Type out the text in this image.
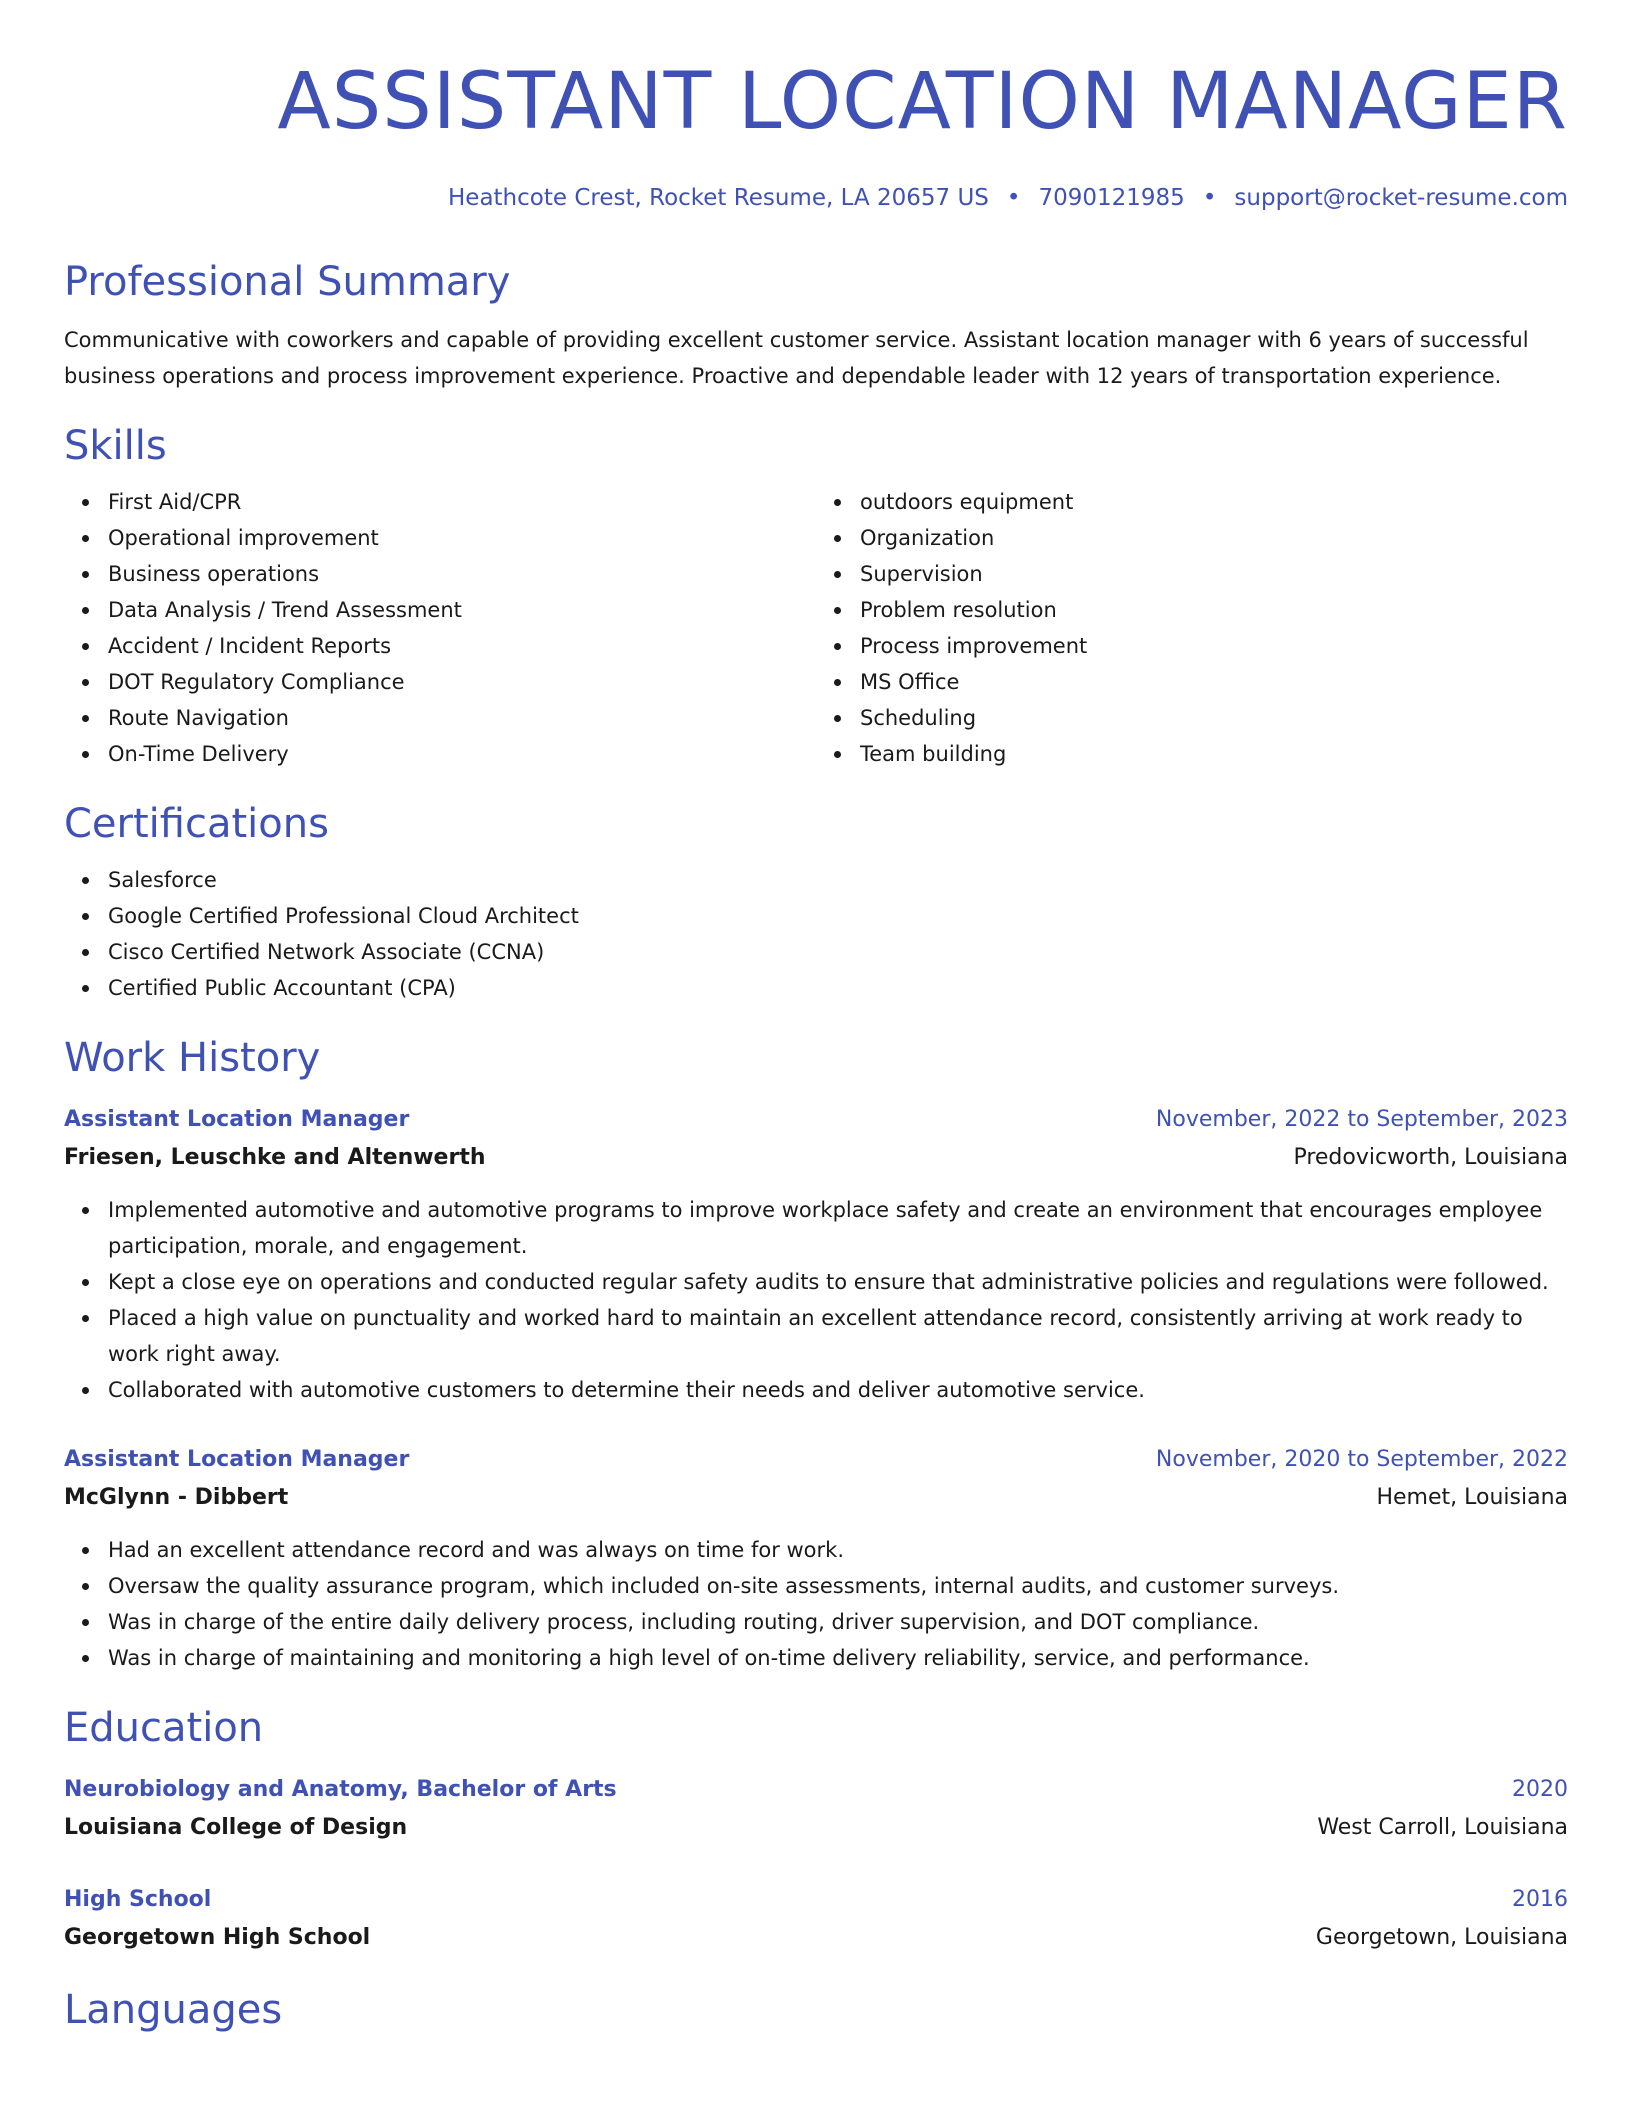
ASSISTANT LOCATION MANAGER
Heathcote Crest, Rocket Resume, LA 20657 US • 7090121985 • support@rocket-resume.com
Professional Summary

Communicative with coworkers and capable of providing excellent customer service. Assistant location manager with 6 years of successful business operations and process improvement experience. Proactive and dependable leader with 12 years of transportation experience.

Skills
First Aid/CPR
Operational improvement
Business operations
Data Analysis / Trend Assessment
Accident / Incident Reports
DOT Regulatory Compliance
Route Navigation
On-Time Delivery
outdoors equipment
Organization
Supervision
Problem resolution
Process improvement
MS Office
Scheduling
Team building
Certifications
Salesforce
Google Certified Professional Cloud Architect
Cisco Certified Network Associate (CCNA)
Certified Public Accountant (CPA)
Work History
Assistant Location Manager	November, 2022 to September, 2023
Friesen, Leuschke and Altenwerth	Predovicworth, Louisiana
Implemented automotive and automotive programs to improve workplace safety and create an environment that encourages employee participation, morale, and engagement.
Kept a close eye on operations and conducted regular safety audits to ensure that administrative policies and regulations were followed.
Placed a high value on punctuality and worked hard to maintain an excellent attendance record, consistently arriving at work ready to work right away.
Collaborated with automotive customers to determine their needs and deliver automotive service.
Assistant Location Manager	November, 2020 to September, 2022
McGlynn - Dibbert	Hemet, Louisiana
Had an excellent attendance record and was always on time for work.
Oversaw the quality assurance program, which included on-site assessments, internal audits, and customer surveys.
Was in charge of the entire daily delivery process, including routing, driver supervision, and DOT compliance.
Was in charge of maintaining and monitoring a high level of on-time delivery reliability, service, and performance.
Education
Neurobiology and Anatomy, Bachelor of Arts	2020
Louisiana College of Design	West Carroll, Louisiana
High School	2016
Georgetown High School	Georgetown, Louisiana
Languages
